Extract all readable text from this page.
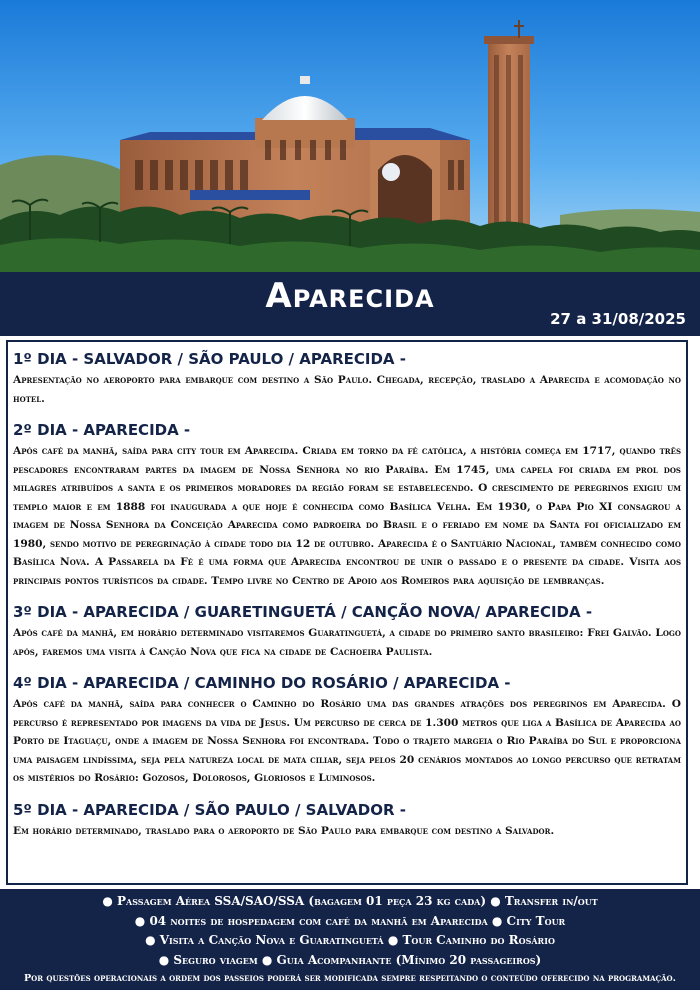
Aparecida
27 a 31/08/2025
1º DIA - SALVADOR / SÃO PAULO / APARECIDA -

Apresentação no aeroporto para embarque com destino a São Paulo. Chegada, recepção, traslado a Aparecida e acomodação no hotel.

2º DIA - APARECIDA -

Após café da manhã, saída para city tour em Aparecida. Criada em torno da fé católica, a história começa em 1717, quando três pescadores encontraram partes da imagem de Nossa Senhora no rio Paraíba. Em 1745, uma capela foi criada em prol dos milagres atribuídos a santa e os primeiros moradores da região foram se estabelecendo. O crescimento de peregrinos exigiu um templo maior e em 1888 foi inaugurada a que hoje é conhecida como Basílica Velha. Em 1930, o Papa Pio XI consagrou a imagem de Nossa Senhora da Conceição Aparecida como padroeira do Brasil e o feriado em nome da Santa foi oficializado em 1980, sendo motivo de peregrinação à cidade todo dia 12 de outubro. Aparecida é o Santuário Nacional, também conhecido como Basílica Nova. A Passarela da Fé é uma forma que Aparecida encontrou de unir o passado e o presente da cidade. Visita aos principais pontos turísticos da cidade. Tempo livre no Centro de Apoio aos Romeiros para aquisição de lembranças.

3º DIA - APARECIDA / GUARETINGUETÁ / CANÇÃO NOVA/ APARECIDA -

Após café da manhã, em horário determinado visitaremos Guaratinguetá, a cidade do primeiro santo brasileiro: Frei Galvão. Logo após, faremos uma visita à Canção Nova que fica na cidade de Cachoeira Paulista.

4º DIA - APARECIDA / CAMINHO DO ROSÁRIO / APARECIDA -

Após café da manhã, saída para conhecer o Caminho do Rosário uma das grandes atrações dos peregrinos em Aparecida. O percurso é representado por imagens da vida de Jesus. Um percurso de cerca de 1.300 metros que liga a Basílica de Aparecida ao Porto de Itaguaçu, onde a imagem de Nossa Senhora foi encontrada. Todo o trajeto margeia o Rio Paraíba do Sul e proporciona uma paisagem lindíssima, seja pela natureza local de mata ciliar, seja pelos 20 cenários montados ao longo percurso que retratam os mistérios do Rosário: Gozosos, Dolorosos, Gloriosos e Luminosos.

5º DIA - APARECIDA / SÃO PAULO / SALVADOR -

Em horário determinado, traslado para o aeroporto de São Paulo para embarque com destino a Salvador.

● Passagem Aérea SSA/SAO/SSA (bagagem 01 peça 23 kg cada) ● Transfer in/out
● 04 noites de hospedagem com café da manhã em Aparecida ● City Tour
● Visita a Canção Nova e Guaratinguetá ● Tour Caminho do Rosário
● Seguro viagem ● Guia Acompanhante (Mínimo 20 passageiros)
Por questões operacionais a ordem dos passeios poderá ser modificada sempre respeitando o conteúdo oferecido na programação.
